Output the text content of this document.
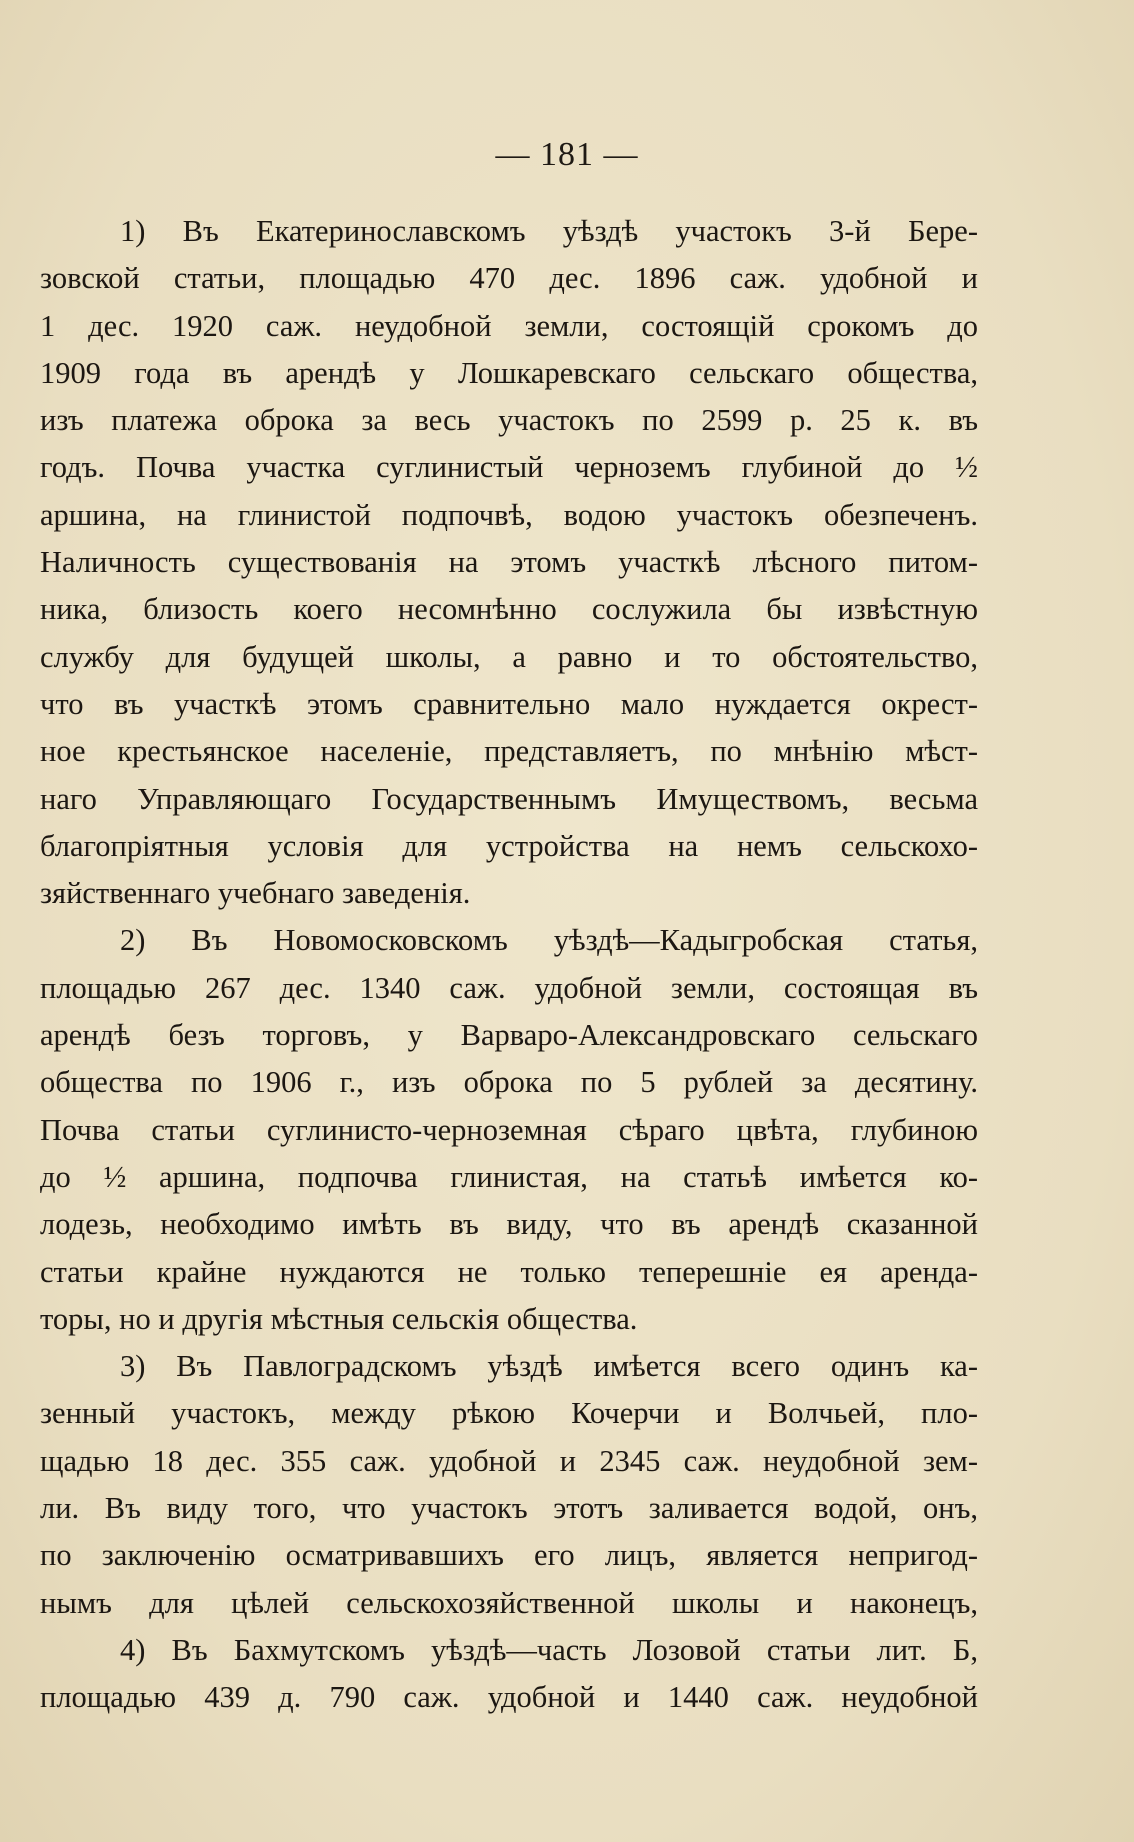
— 181 —
1) Въ Екатеринославскомъ уѣздѣ участокъ 3-й Бере-
зовской статьи, площадью 470 дес. 1896 саж. удобной и
1 дес. 1920 саж. неудобной земли, состоящій срокомъ до
1909 года въ арендѣ у Лошкаревскаго сельскаго общества,
изъ платежа оброка за весь участокъ по 2599 р. 25 к. въ
годъ. Почва участка суглинистый черноземъ глубиной до ½
аршина, на глинистой подпочвѣ, водою участокъ обезпеченъ.
Наличность существованія на этомъ участкѣ лѣсного питом-
ника, близость коего несомнѣнно сослужила бы извѣстную
службу для будущей школы, а равно и то обстоятельство,
что въ участкѣ этомъ сравнительно мало нуждается окрест-
ное крестьянское населеніе, представляетъ, по мнѣнію мѣст-
наго Управляющаго Государственнымъ Имуществомъ, весьма
благопріятныя условія для устройства на немъ сельскохо-
зяйственнаго учебнаго заведенія.
2) Въ Новомосковскомъ уѣздѣ—Кадыгробская статья,
площадью 267 дес. 1340 саж. удобной земли, состоящая въ
арендѣ безъ торговъ, у Варваро-Александровскаго сельскаго
общества по 1906 г., изъ оброка по 5 рублей за десятину.
Почва статьи суглинисто-черноземная сѣраго цвѣта, глубиною
до ½ аршина, подпочва глинистая, на статьѣ имѣется ко-
лодезь, необходимо имѣть въ виду, что въ арендѣ сказанной
статьи крайне нуждаются не только теперешніе ея аренда-
торы, но и другія мѣстныя сельскія общества.
3) Въ Павлоградскомъ уѣздѣ имѣется всего одинъ ка-
зенный участокъ, между рѣкою Кочерчи и Волчьей, пло-
щадью 18 дес. 355 саж. удобной и 2345 саж. неудобной зем-
ли. Въ виду того, что участокъ этотъ заливается водой, онъ,
по заключенію осматривавшихъ его лицъ, является непригод-
нымъ для цѣлей сельскохозяйственной школы и наконецъ,
4) Въ Бахмутскомъ уѣздѣ—часть Лозовой статьи лит. Б,
площадью 439 д. 790 саж. удобной и 1440 саж. неудобной
